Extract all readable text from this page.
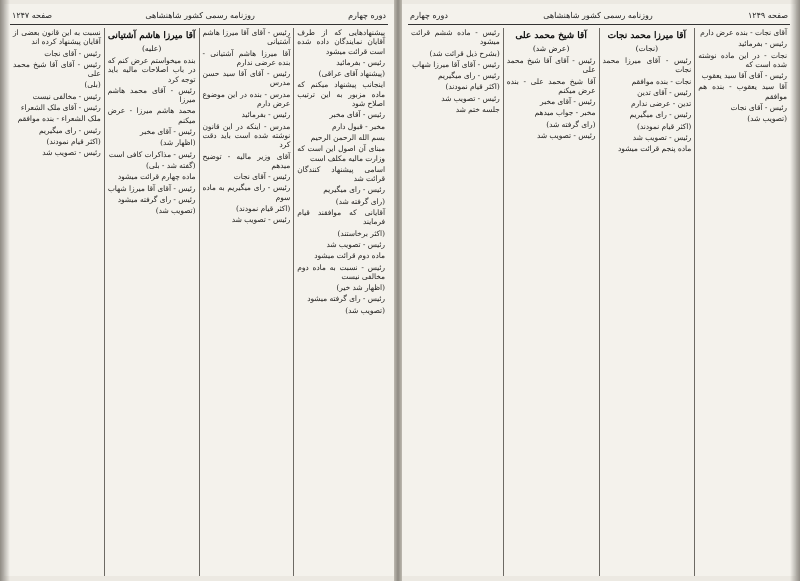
دوره چهارم
روزنامه رسمی کشور شاهنشاهی
صفحه ۱۲۴۷

پیشنهادهایی که از طرف آقایان نمایندگان داده شده است قرائت میشود

رئیس - بفرمائید

(پیشنهاد آقای عراقی)

اینجانب پیشنهاد میکنم که ماده مزبور به این ترتیب اصلاح شود

رئیس - آقای مخبر

مخبر - قبول دارم

بسم الله الرحمن الرحیم

مبنای آن اصول این است که وزارت مالیه مکلف است

اسامی پیشنهاد کنندگان قرائت شد

رئیس - رای میگیریم

(رای گرفته شد)

آقایانی که موافقند قیام فرمایند

(اکثر برخاستند)

رئیس - تصویب شد

ماده دوم قرائت میشود

رئیس - نسبت به ماده دوم مخالفی نیست

(اظهار شد خیر)

رئیس - رای گرفته میشود

(تصویب شد)

رئیس - آقای آقا میرزا هاشم آشتیانی

آقا میرزا هاشم آشتیانی - بنده عرضی ندارم

رئیس - آقای آقا سید حسن مدرس

مدرس - بنده در این موضوع عرض دارم

رئیس - بفرمائید

مدرس - اینکه در این قانون نوشته شده است باید دقت کرد

آقای وزیر مالیه - توضیح میدهم

رئیس - آقای نجات

رئیس - رای میگیریم به ماده سوم

(اکثر قیام نمودند)

رئیس - تصویب شد

آقا میرزا هاشم آشتیانی
(علیه)

بنده میخواستم عرض کنم که در باب اصلاحات مالیه باید توجه کرد

رئیس - آقای محمد هاشم میرزا

محمد هاشم میرزا - عرض میکنم

رئیس - آقای مخبر

(اظهار شد)

رئیس - مذاکرات کافی است

(گفته شد - بلی)

ماده چهارم قرائت میشود

رئیس - آقای آقا میرزا شهاب

رئیس - رای گرفته میشود

(تصویب شد)

نسبت به این قانون بعضی از آقایان پیشنهاد کرده اند

رئیس - آقای نجات

رئیس - آقای آقا شیخ محمد علی

(بلی)

رئیس - مخالفی نیست

رئیس - آقای ملک الشعراء

ملک الشعراء - بنده موافقم

رئیس - رای میگیریم

(اکثر قیام نمودند)

رئیس - تصویب شد

صفحه ۱۲۴۹
روزنامه رسمی کشور شاهنشاهی
دوره چهارم

آقای نجات - بنده عرض دارم

رئیس - بفرمائید

نجات - در این ماده نوشته شده است که

رئیس - آقای آقا سید یعقوب

آقا سید یعقوب - بنده هم موافقم

رئیس - آقای نجات

(تصویب شد)

آقا میرزا محمد نجات
(نجات)

رئیس - آقای میرزا محمد نجات

نجات - بنده موافقم

رئیس - آقای تدین

تدین - عرضی ندارم

رئیس - رای میگیریم

(اکثر قیام نمودند)

رئیس - تصویب شد

ماده پنجم قرائت میشود

آقا شیخ محمد علی
(عرض شد)

رئیس - آقای آقا شیخ محمد علی

آقا شیخ محمد علی - بنده عرض میکنم

رئیس - آقای مخبر

مخبر - جواب میدهم

(رای گرفته شد)

رئیس - تصویب شد

رئیس - ماده ششم قرائت میشود

(بشرح ذیل قرائت شد)

رئیس - آقای آقا میرزا شهاب

رئیس - رای میگیریم

(اکثر قیام نمودند)

رئیس - تصویب شد

جلسه ختم شد
